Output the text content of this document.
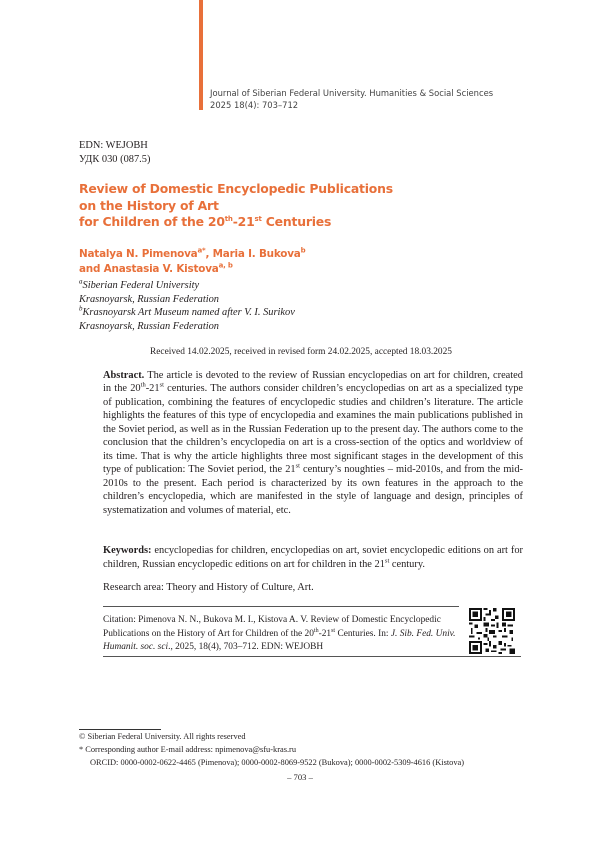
Journal of Siberian Federal University. Humanities & Social Sciences
2025 18(4): 703–712
EDN: WEJOBH
УДК 030 (087.5)
Review of Domestic Encyclopedic Publications
on the History of Art
for Children of the 20th-21st Centuries
Natalya N. Pimenova$^{a*}$, Maria I. Bukova$^b$
and Anastasia V. Kistova$^{a, b}$
$^a$Siberian Federal University
Krasnoyarsk, Russian Federation
$^b$Krasnoyarsk Art Museum named after V. I. Surikov
Krasnoyarsk, Russian Federation
Received 14.02.2025, received in revised form 24.02.2025, accepted 18.03.2025
Abstract. The article is devoted to the review of Russian encyclopedias on art for children, created in the 20th-21st centuries. The authors consider children’s encyclopedias on art as a specialized type of publication, combining the features of encyclopedic studies and children’s literature. The article highlights the features of this type of encyclopedia and examines the main publications published in the Soviet period, as well as in the Russian Federation up to the present day. The authors come to the conclusion that the children’s encyclopedia on art is a cross-section of the optics and worldview of its time. That is why the article highlights three most significant stages in the development of this type of publication: The Soviet period, the 21st century’s noughties – mid-2010s, and from the mid-2010s to the present. Each period is characterized by its own features in the approach to the children’s encyclopedia, which are manifested in the style of language and design, principles of systematization and volumes of material, etc.
Keywords: encyclopedias for children, encyclopedias on art, soviet encyclopedic editions on art for children, Russian encyclopedic editions on art for children in the 21st century.
Research area: Theory and History of Culture, Art.
Citation: Pimenova N. N., Bukova M. I., Kistova A. V. Review of Domestic Encyclopedic Publications on the History of Art for Children of the 20th-21st Centuries. In: J. Sib. Fed. Univ. Humanit. soc. sci., 2025, 18(4), 703–712. EDN: WEJOBH
© Siberian Federal University. All rights reserved
* Corresponding author E-mail address: npimenova@sfu-kras.ru
ORCID: 0000-0002-0622-4465 (Pimenova); 0000-0002-8069-9522 (Bukova); 0000-0002-5309-4616 (Kistova)
– 703 –
